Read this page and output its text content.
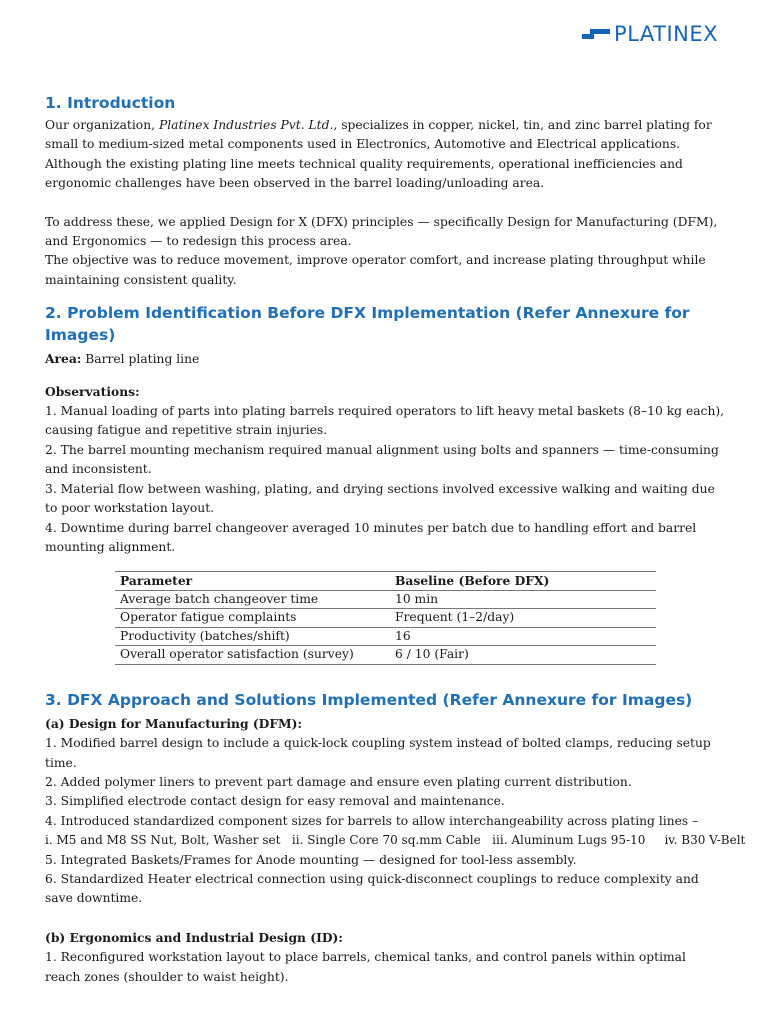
PLATINEX
1. Introduction

Our organization, Platinex Industries Pvt. Ltd., specializes in copper, nickel, tin, and zinc barrel plating for small to medium-sized metal components used in Electronics, Automotive and Electrical applications.

Although the existing plating line meets technical quality requirements, operational inefficiencies and ergonomic challenges have been observed in the barrel loading/unloading area.

To address these, we applied Design for X (DFX) principles — specifically Design for Manufacturing (DFM), and Ergonomics — to redesign this process area.

The objective was to reduce movement, improve operator comfort, and increase plating throughput while maintaining consistent quality.

2. Problem Identification Before DFX Implementation (Refer Annexure for Images)

Area: Barrel plating line

Observations:

1. Manual loading of parts into plating barrels required operators to lift heavy metal baskets (8–10 kg each), causing fatigue and repetitive strain injuries.

2. The barrel mounting mechanism required manual alignment using bolts and spanners — time-consuming and inconsistent.

3. Material flow between washing, plating, and drying sections involved excessive walking and waiting due to poor workstation layout.

4. Downtime during barrel changeover averaged 10 minutes per batch due to handling effort and barrel mounting alignment.

Parameter	Baseline (Before DFX)
Average batch changeover time	10 min
Operator fatigue complaints	Frequent (1–2/day)
Productivity (batches/shift)	16
Overall operator satisfaction (survey)	6 / 10 (Fair)
3. DFX Approach and Solutions Implemented (Refer Annexure for Images)

(a) Design for Manufacturing (DFM):

1. Modified barrel design to include a quick-lock coupling system instead of bolted clamps, reducing setup time.

2. Added polymer liners to prevent part damage and ensure even plating current distribution.

3. Simplified electrode contact design for easy removal and maintenance.

4. Introduced standardized component sizes for barrels to allow interchangeability across plating lines –

i. M5 and M8 SS Nut, Bolt, Washer set   ii. Single Core 70 sq.mm Cable   iii. Aluminum Lugs 95-10     iv. B30 V-Belt

5. Integrated Baskets/Frames for Anode mounting — designed for tool-less assembly.

6. Standardized Heater electrical connection using quick-disconnect couplings to reduce complexity and save downtime.

(b) Ergonomics and Industrial Design (ID):

1. Reconfigured workstation layout to place barrels, chemical tanks, and control panels within optimal reach zones (shoulder to waist height).
